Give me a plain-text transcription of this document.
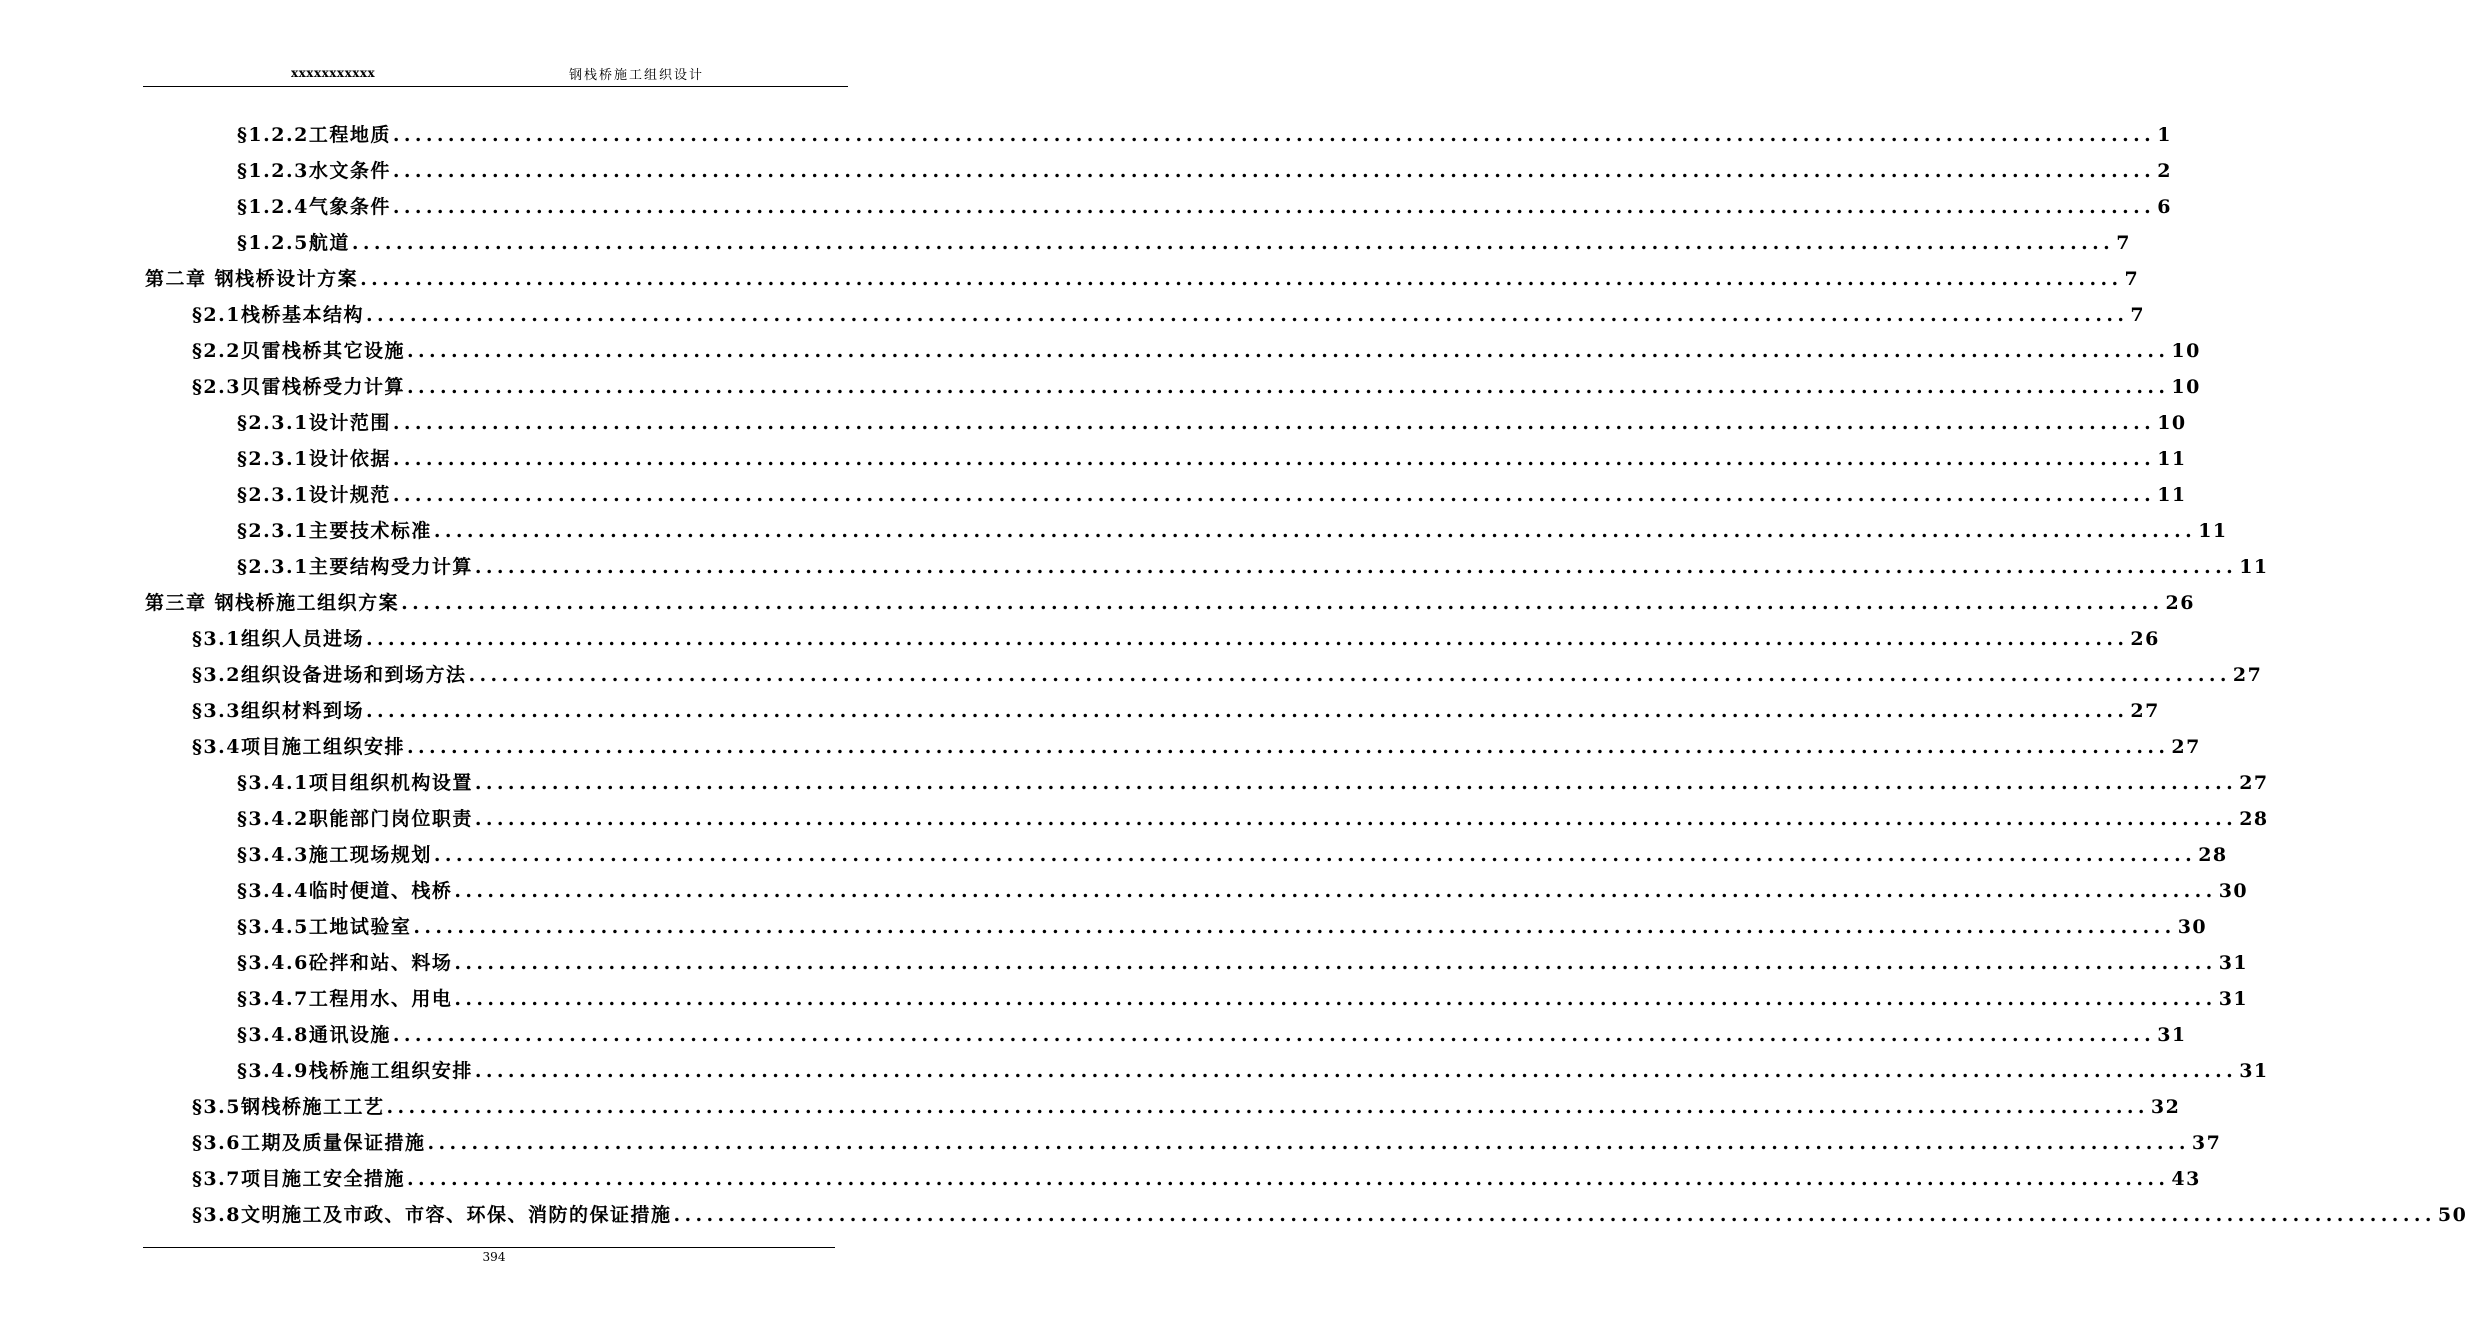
xxxxxxxxxxx	钢栈桥施工组织设计
§1.2.2工程地质 ................................................................................................................................................................ 1
§1.2.3水文条件 ................................................................................................................................................................ 2
§1.2.4气象条件 ................................................................................................................................................................ 6
§1.2.5航道 ................................................................................................................................................................ 7
第二章 钢栈桥设计方案 ................................................................................................................................................................ 7
§2.1栈桥基本结构 ................................................................................................................................................................ 7
§2.2贝雷栈桥其它设施 ................................................................................................................................................................ 10
§2.3贝雷栈桥受力计算 ................................................................................................................................................................ 10
§2.3.1设计范围 ................................................................................................................................................................ 10
§2.3.1设计依据 ................................................................................................................................................................ 11
§2.3.1设计规范 ................................................................................................................................................................ 11
§2.3.1主要技术标准 ................................................................................................................................................................ 11
§2.3.1主要结构受力计算 ................................................................................................................................................................ 11
第三章 钢栈桥施工组织方案 ................................................................................................................................................................ 26
§3.1组织人员进场 ................................................................................................................................................................ 26
§3.2组织设备进场和到场方法 ................................................................................................................................................................ 27
§3.3组织材料到场 ................................................................................................................................................................ 27
§3.4项目施工组织安排 ................................................................................................................................................................ 27
§3.4.1项目组织机构设置 ................................................................................................................................................................ 27
§3.4.2职能部门岗位职责 ................................................................................................................................................................ 28
§3.4.3施工现场规划 ................................................................................................................................................................ 28
§3.4.4临时便道、栈桥 ................................................................................................................................................................ 30
§3.4.5工地试验室 ................................................................................................................................................................ 30
§3.4.6砼拌和站、料场 ................................................................................................................................................................ 31
§3.4.7工程用水、用电 ................................................................................................................................................................ 31
§3.4.8通讯设施 ................................................................................................................................................................ 31
§3.4.9栈桥施工组织安排 ................................................................................................................................................................ 31
§3.5钢栈桥施工工艺 ................................................................................................................................................................ 32
§3.6工期及质量保证措施 ................................................................................................................................................................ 37
§3.7项目施工安全措施 ................................................................................................................................................................ 43
§3.8文明施工及市政、市容、环保、消防的保证措施 ................................................................................................................................................................ 50
394
